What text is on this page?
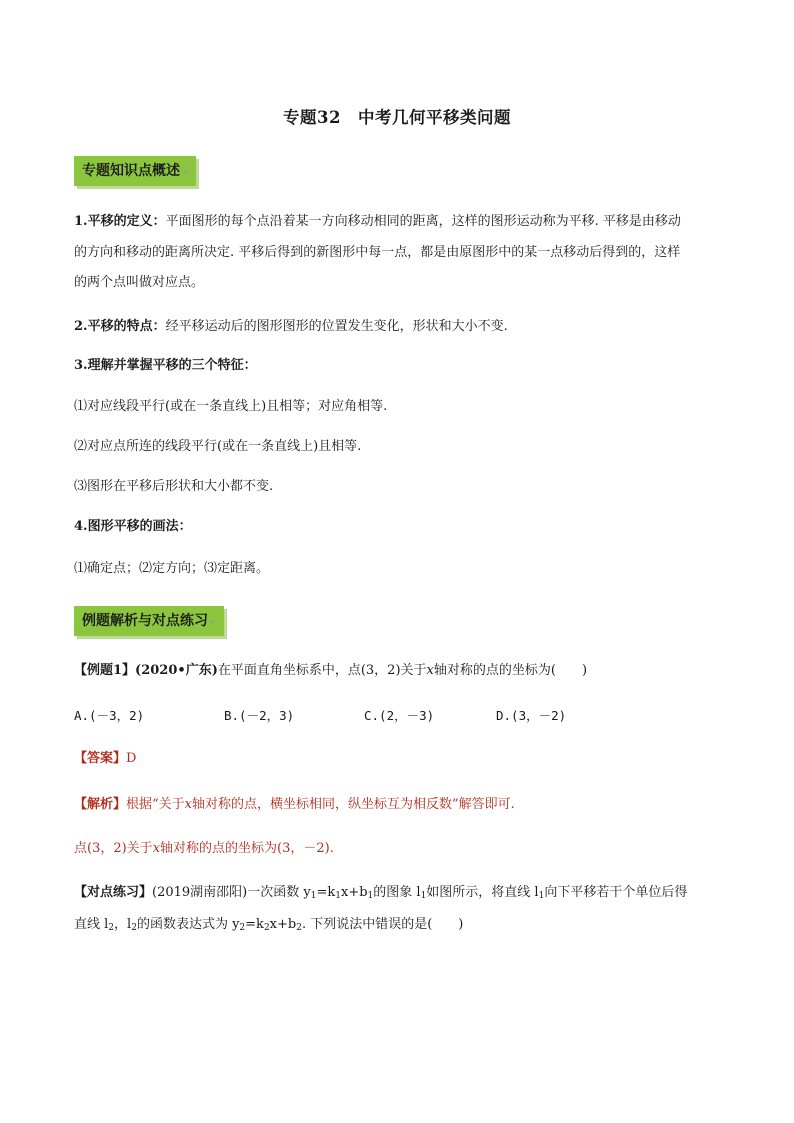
专题32　中考几何平移类问题
专题知识点概述 ↵
1.平移的定义：平面图形的每个点沿着某一方向移动相同的距离，这样的图形运动称为平移. 平移是由移动
的方向和移动的距离所决定. 平移后得到的新图形中每一点，都是由原图形中的某一点移动后得到的，这样
的两个点叫做对应点。
2.平移的特点：经平移运动后的图形图形的位置发生变化，形状和大小不变.
3.理解并掌握平移的三个特征：
⑴对应线段平行(或在一条直线上)且相等；对应角相等.
⑵对应点所连的线段平行(或在一条直线上)且相等.
⑶图形在平移后形状和大小都不变.
4.图形平移的画法：
⑴确定点；⑵定方向；⑶定距离。
例题解析与对点练习 ↵
【例题1】(2020•广东)在平面直角坐标系中，点(3，2)关于x轴对称的点的坐标为(　　)
A.(－3，2)	B.(－2，3)	C.(2，－3)	D.(3，－2)
【答案】D
【解析】根据“关于x轴对称的点，横坐标相同，纵坐标互为相反数”解答即可.
点(3，2)关于x轴对称的点的坐标为(3，－2).
【对点练习】(2019湖南邵阳)一次函数 $y_1=k_1x+b_1$的图象 $l_1$如图所示，将直线 $l_1$向下平移若干个单位后得
直线 $l_2$，$l_2$的函数表达式为 $y_2=k_2x+b_2$. 下列说法中错误的是(　　)
